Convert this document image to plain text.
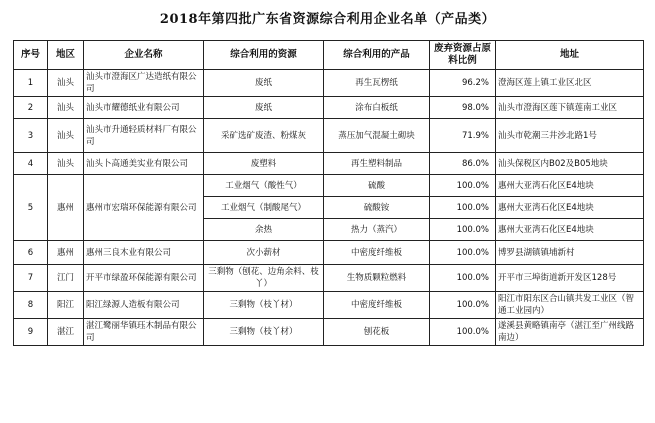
2018年第四批广东省资源综合利用企业名单（产品类）
序号	地区	企业名称	综合利用的资源	综合利用的产品	废弃资源占原料比例	地址
1	汕头	汕头市澄海区广达造纸有限公司	废纸	再生瓦楞纸	96.2%	澄海区莲上镇工业区北区
2	汕头	汕头市耀德纸业有限公司	废纸	涂布白板纸	98.0%	汕头市澄海区莲下镇莲南工业区
3	汕头	汕头市升通轻质材料厂有限公司	采矿选矿废渣、粉煤灰	蒸压加气混凝土砌块	71.9%	汕头市乾潮三井沙北路1号
4	汕头	汕头卜高通美实业有限公司	废塑料	再生塑料制品	86.0%	汕头保税区内B02及B05地块
5	惠州	惠州市宏瑞环保能源有限公司	工业烟气（酸性气）	硫酸	100.0%	惠州大亚湾石化区E4地块
			工业烟气（制酸尾气）	硫酸铵	100.0%	惠州大亚湾石化区E4地块
			余热	热力（蒸汽）	100.0%	惠州大亚湾石化区E4地块
6	惠州	惠州三良木业有限公司	次小薪材	中密度纤维板	100.0%	博罗县湖镇镇埔新村
7	江门	开平市绿盈环保能源有限公司	三剩物（刨花、边角余料、枝丫）	生物质颗粒燃料	100.0%	开平市三埠街道新开发区128号
8	阳江	阳江绿源人造板有限公司	三剩物（枝丫材）	中密度纤维板	100.0%	阳江市阳东区合山镇共发工业区（智通工业园内）
9	湛江	湛江鹭丽华镇珏木制品有限公司	三剩物（枝丫材）	刨花板	100.0%	遂溪县黄略镇南亭（湛江至广州线路南边）
